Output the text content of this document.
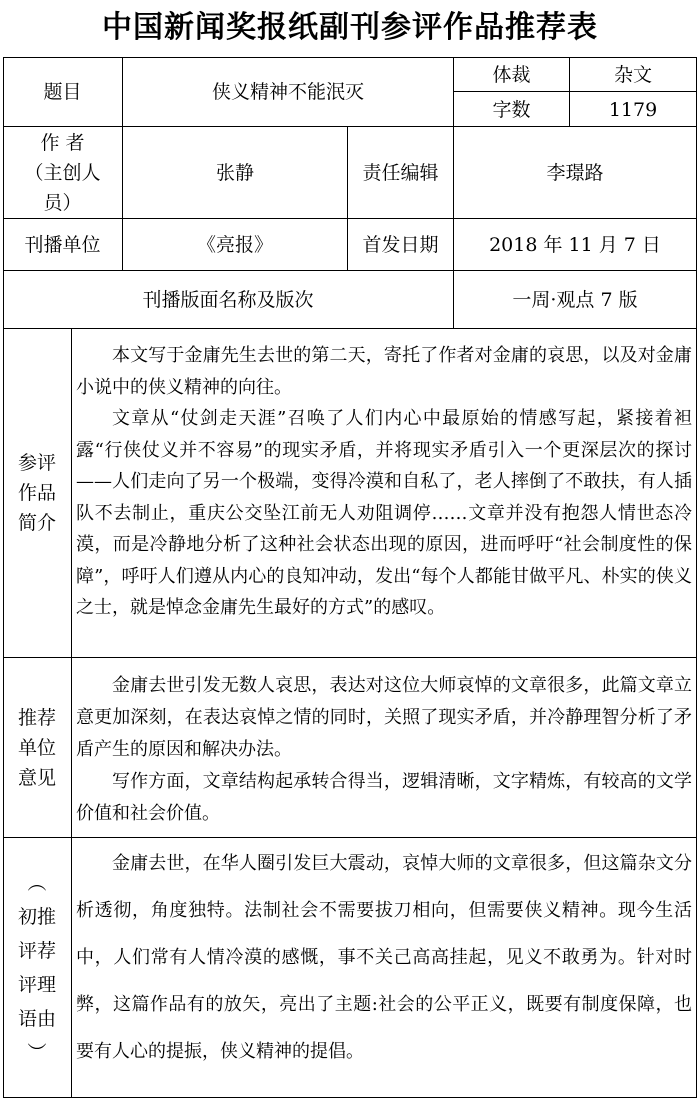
中国新闻奖报纸副刊参评作品推荐表
题目	侠义精神不能泯灭
体裁	杂文
字数	1179
作 者
（主创人
员）
张静	责任编辑	李璟路
刊播单位	《亮报》	首发日期	2018 年 11 月 7 日
刊播版面名称及版次	一周·观点 7 版
参评
作品
简介

本文写于金庸先生去世的第二天，寄托了作者对金庸的哀思，以及对金庸小说中的侠义精神的向往。

文章从“仗剑走天涯”召唤了人们内心中最原始的情感写起，紧接着袒露“行侠仗义并不容易”的现实矛盾，并将现实矛盾引入一个更深层次的探讨——人们走向了另一个极端，变得冷漠和自私了，老人摔倒了不敢扶，有人插队不去制止，重庆公交坠江前无人劝阻调停……文章并没有抱怨人情世态冷漠，而是冷静地分析了这种社会状态出现的原因，进而呼吁“社会制度性的保障”，呼吁人们遵从内心的良知冲动，发出“每个人都能甘做平凡、朴实的侠义之士，就是悼念金庸先生最好的方式”的感叹。

推荐
单位
意见

金庸去世引发无数人哀思，表达对这位大师哀悼的文章很多，此篇文章立意更加深刻，在表达哀悼之情的同时，关照了现实矛盾，并冷静理智分析了矛盾产生的原因和解决办法。

写作方面，文章结构起承转合得当，逻辑清晰，文字精炼，有较高的文学价值和社会价值。

︵
初推
评荐
评理
语由
︶

金庸去世，在华人圈引发巨大震动，哀悼大师的文章很多，但这篇杂文分析透彻，角度独特。法制社会不需要拔刀相向，但需要侠义精神。现今生活中，人们常有人情冷漠的感慨，事不关己高高挂起，见义不敢勇为。针对时弊，这篇作品有的放矢，亮出了主题:社会的公平正义，既要有制度保障，也要有人心的提振，侠义精神的提倡。
